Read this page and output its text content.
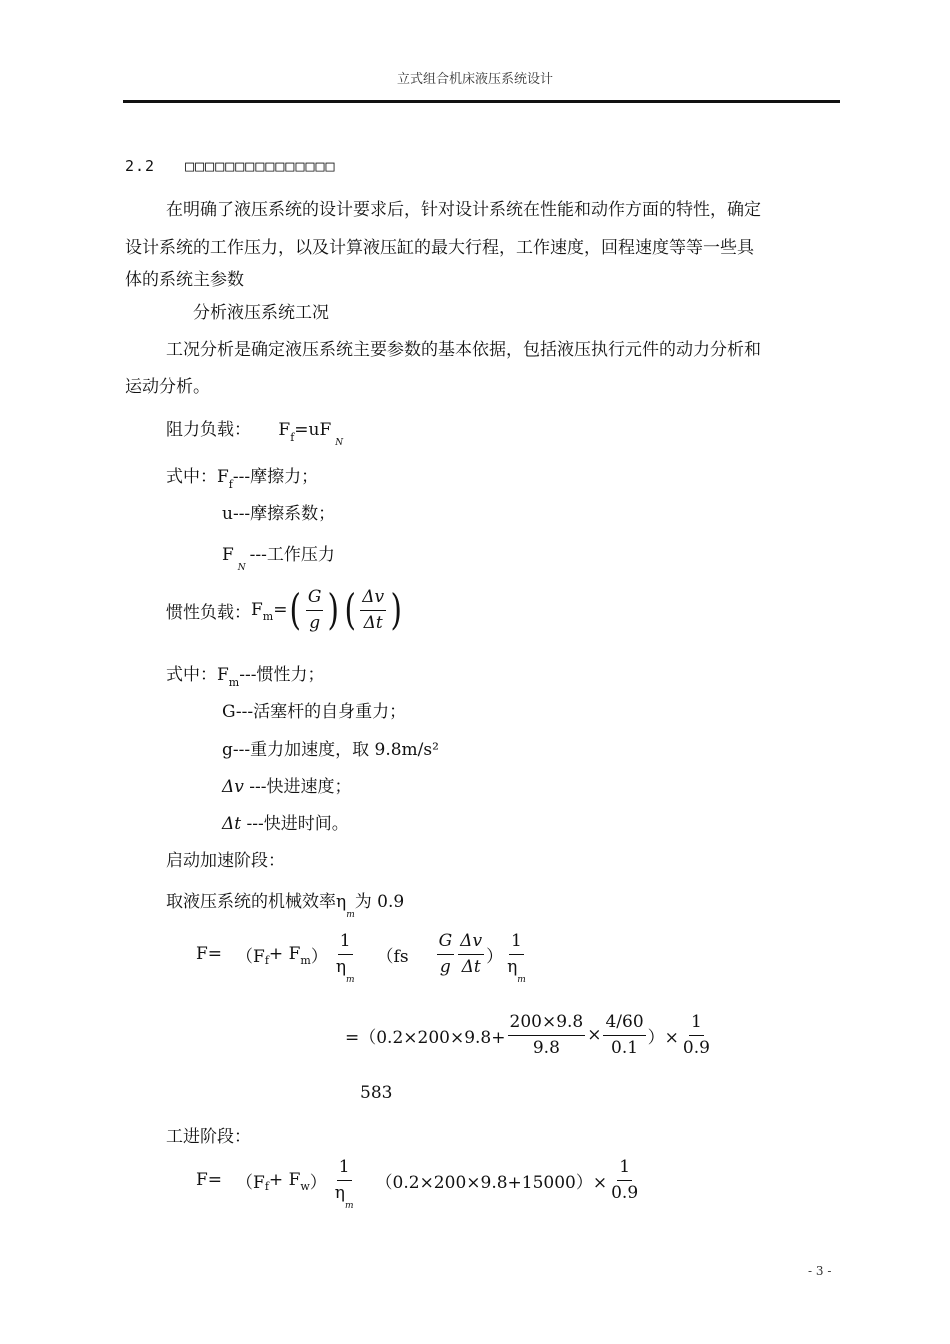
立式组合机床液压系统设计
2.2 □□□□□□□□□□□□□□□
在明确了液压系统的设计要求后，针对设计系统在性能和动作方面的特性，确定
设计系统的工作压力，以及计算液压缸的最大行程，工作速度，回程速度等等一些具
体的系统主参数
分析液压系统工况
工况分析是确定液压系统主要参数的基本依据，包括液压执行元件的动力分析和
运动分析。
阻力负载： $F_f=uF_N$
式中：$F_f---$摩擦力；
u---摩擦系数；
$F_N---$工作压力
惯性负载： F m = ( $\frac{G}{g}$ ) ( $\frac{\Delta v}{\Delta t}$ )
式中：$F_m---$惯性力；
G---活塞杆的自身重力；
g---重力加速度，取 9.8m/s²
Δv ---快进速度；
Δt ---快进时间。
启动加速阶段：
取液压系统的机械效率$\eta_m$为 0.9
F= （F f + F m ） $\frac{1}{\eta_m} (fs \frac{G}{g} \frac{\Delta v}{\Delta t}$ ） $\frac{1}{\eta_m}$
$=(0.2\times 200\times 9.8+ \frac{200\times 9.8}{9.8} \times \frac{4/60}{0.1}$ ）× $\frac{1}{0.9}$
583
工进阶段：
F= （F f + F w ） $\frac{1}{\eta_m} (0.2\times 200\times 9.8+15000)\times \frac{1}{0.9}$
- 3 -
